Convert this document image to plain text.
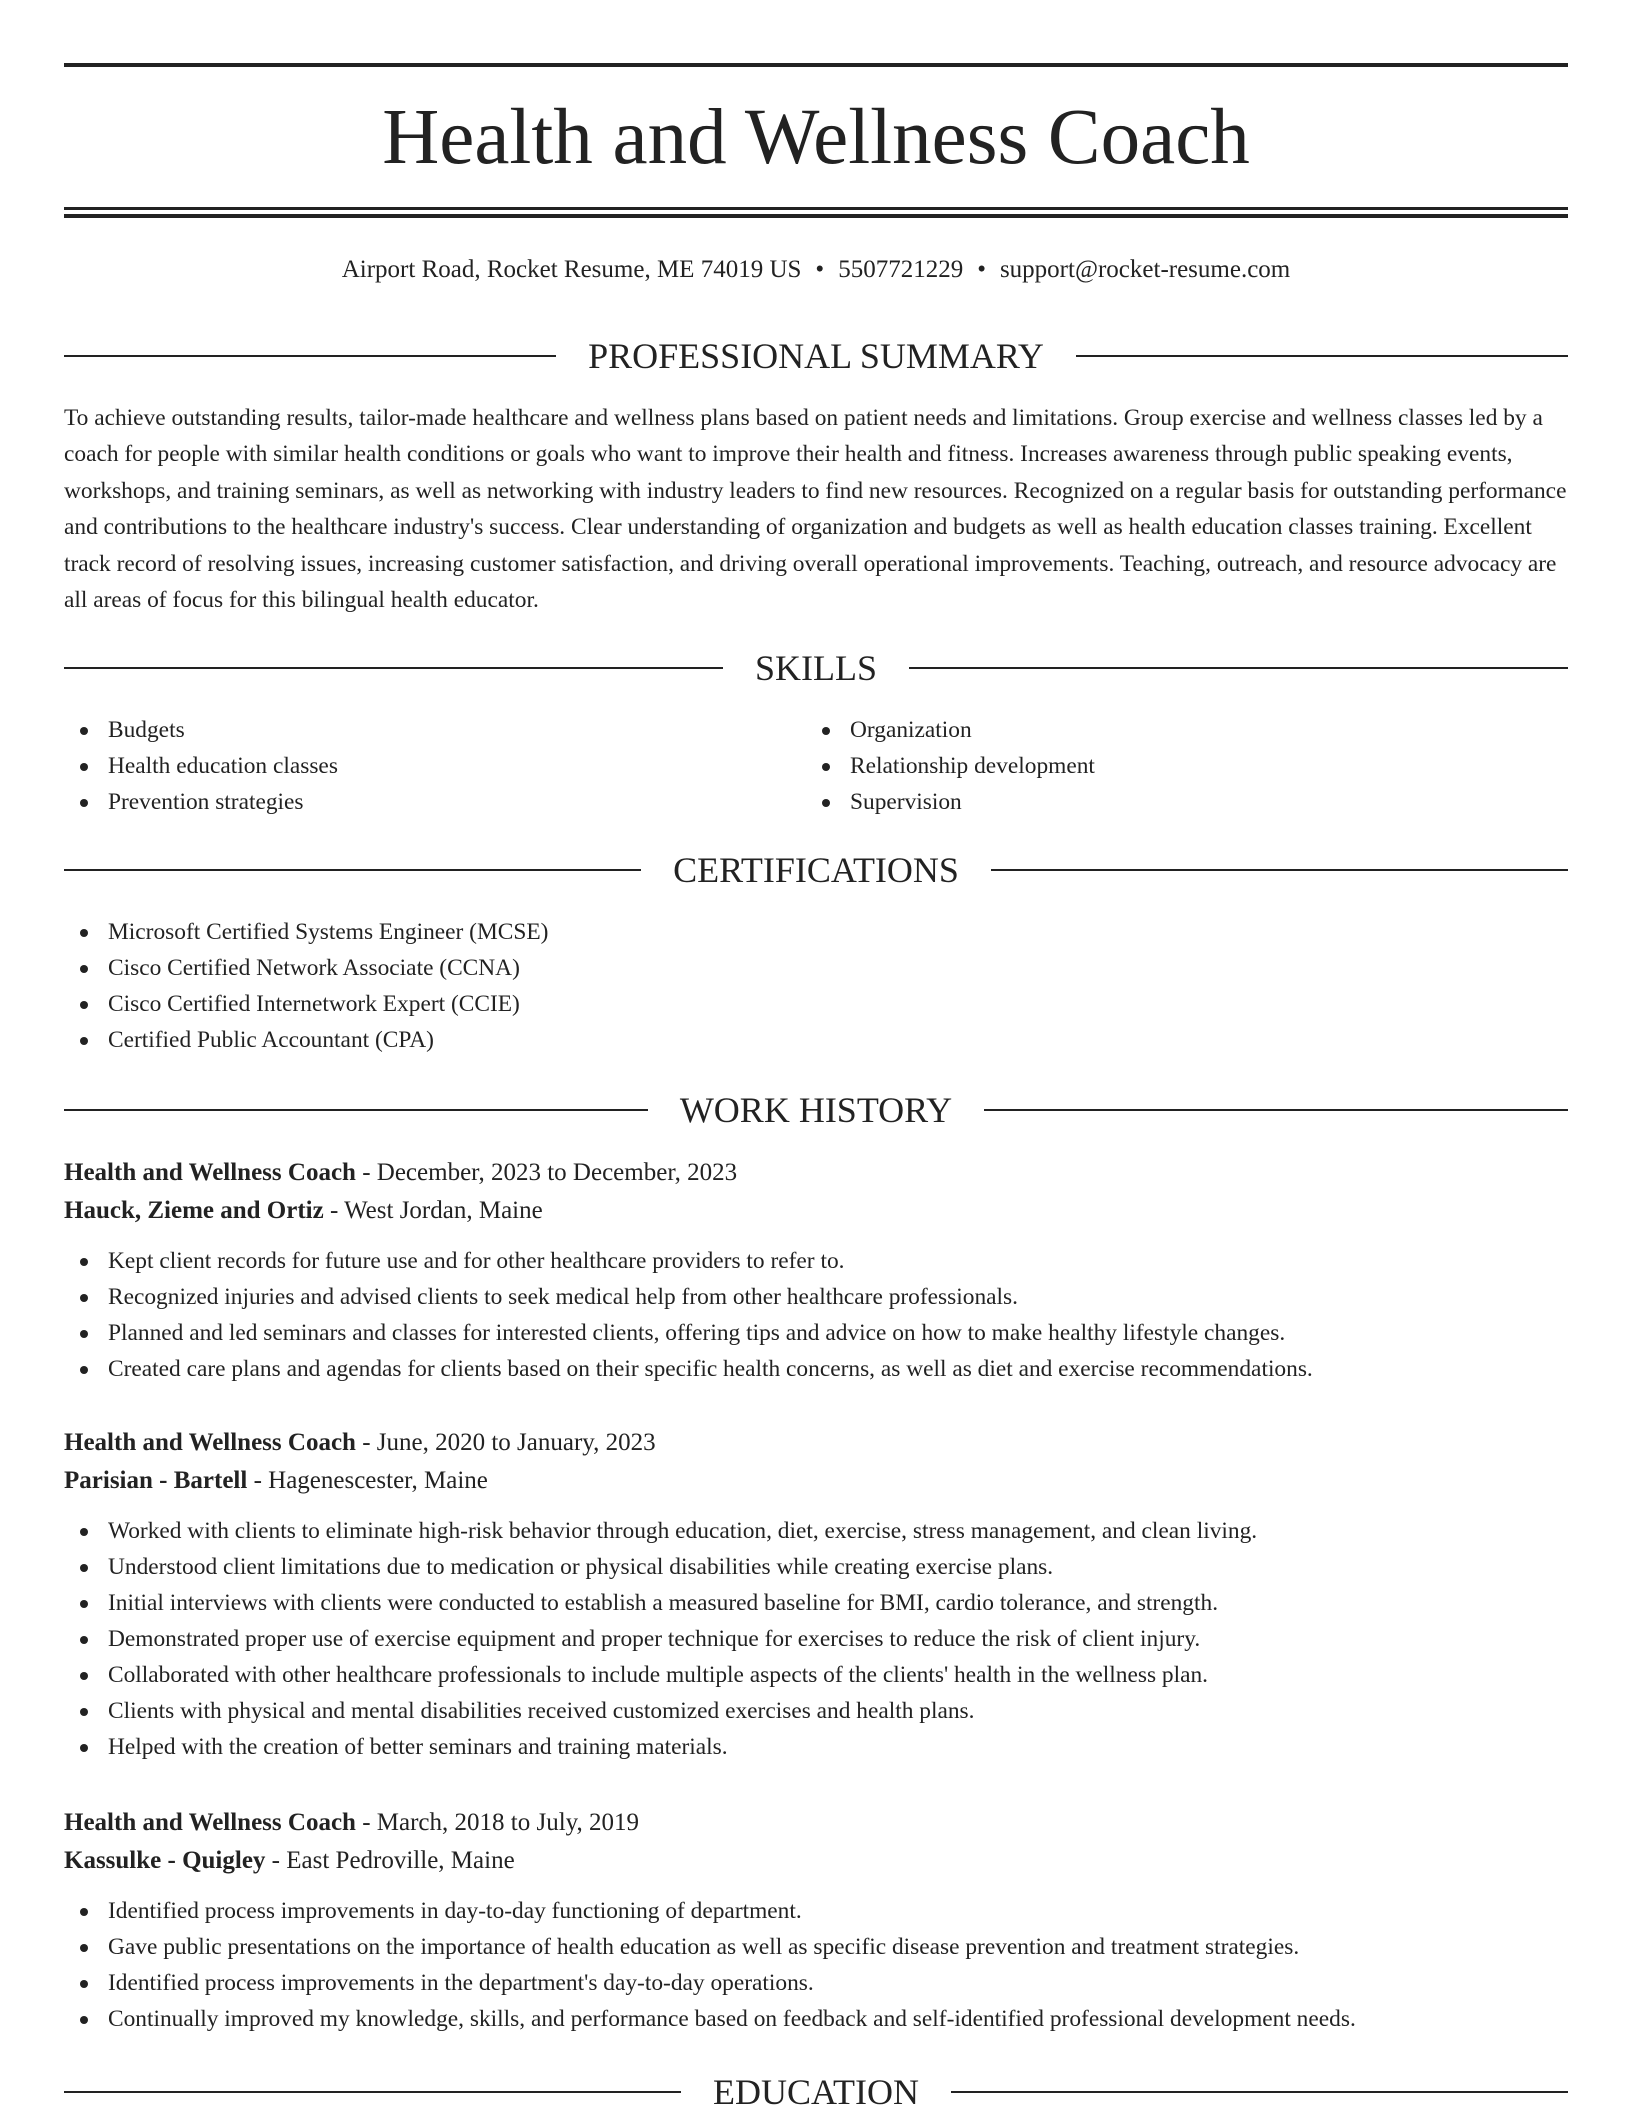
Health and Wellness Coach
Airport Road, Rocket Resume, ME 74019 US • 5507721229 • support@rocket-resume.com
PROFESSIONAL SUMMARY

To achieve outstanding results, tailor-made healthcare and wellness plans based on patient needs and limitations. Group exercise and wellness classes led by a coach for people with similar health conditions or goals who want to improve their health and fitness. Increases awareness through public speaking events, workshops, and training seminars, as well as networking with industry leaders to find new resources. Recognized on a regular basis for outstanding performance and contributions to the healthcare industry's success. Clear understanding of organization and budgets as well as health education classes training. Excellent track record of resolving issues, increasing customer satisfaction, and driving overall operational improvements. Teaching, outreach, and resource advocacy are all areas of focus for this bilingual health educator.

SKILLS
Budgets
Health education classes
Prevention strategies
Organization
Relationship development
Supervision
CERTIFICATIONS
Microsoft Certified Systems Engineer (MCSE)
Cisco Certified Network Associate (CCNA)
Cisco Certified Internetwork Expert (CCIE)
Certified Public Accountant (CPA)
WORK HISTORY
Health and Wellness Coach - December, 2023 to December, 2023
Hauck, Zieme and Ortiz - West Jordan, Maine
Kept client records for future use and for other healthcare providers to refer to.
Recognized injuries and advised clients to seek medical help from other healthcare professionals.
Planned and led seminars and classes for interested clients, offering tips and advice on how to make healthy lifestyle changes.
Created care plans and agendas for clients based on their specific health concerns, as well as diet and exercise recommendations.
Health and Wellness Coach - June, 2020 to January, 2023
Parisian - Bartell - Hagenescester, Maine
Worked with clients to eliminate high-risk behavior through education, diet, exercise, stress management, and clean living.
Understood client limitations due to medication or physical disabilities while creating exercise plans.
Initial interviews with clients were conducted to establish a measured baseline for BMI, cardio tolerance, and strength.
Demonstrated proper use of exercise equipment and proper technique for exercises to reduce the risk of client injury.
Collaborated with other healthcare professionals to include multiple aspects of the clients' health in the wellness plan.
Clients with physical and mental disabilities received customized exercises and health plans.
Helped with the creation of better seminars and training materials.
Health and Wellness Coach - March, 2018 to July, 2019
Kassulke - Quigley - East Pedroville, Maine
Identified process improvements in day-to-day functioning of department.
Gave public presentations on the importance of health education as well as specific disease prevention and treatment strategies.
Identified process improvements in the department's day-to-day operations.
Continually improved my knowledge, skills, and performance based on feedback and self-identified professional development needs.
EDUCATION
